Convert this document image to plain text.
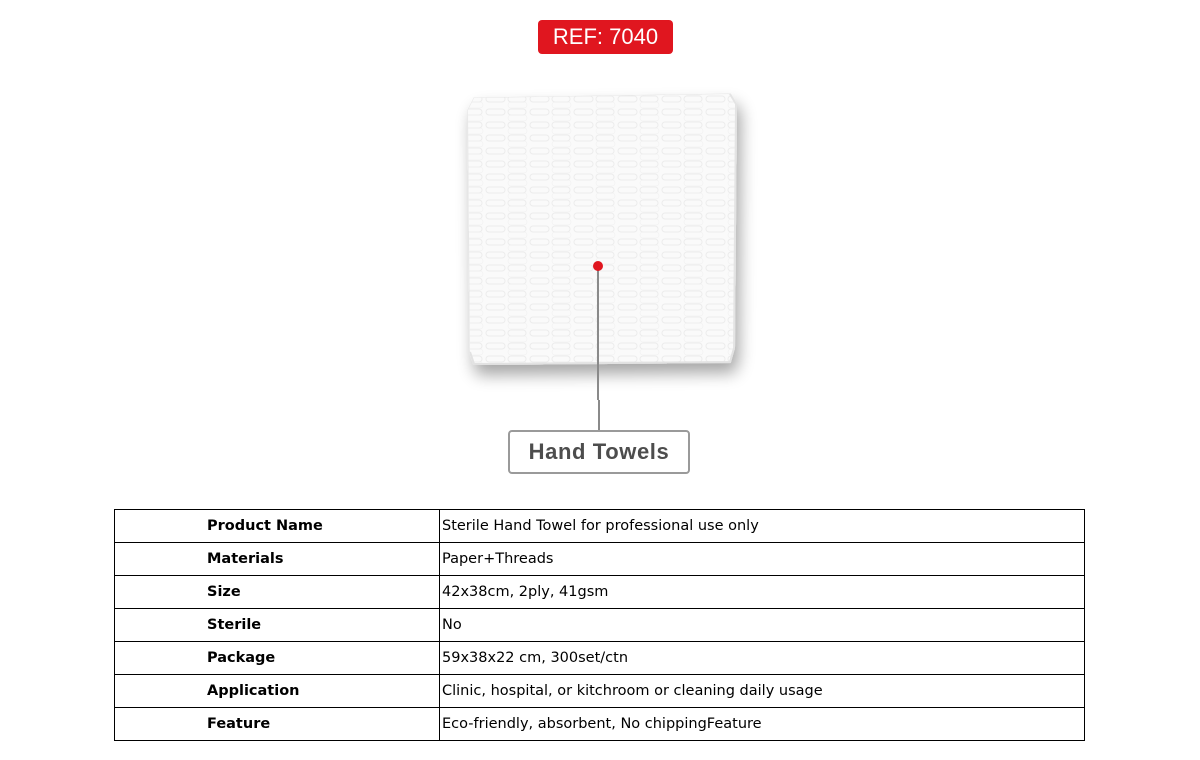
REF: 7040
Hand Towels
Product Name	Sterile Hand Towel for professional use only
Materials	Paper+Threads
Size	42x38cm, 2ply, 41gsm
Sterile	No
Package	59x38x22 cm, 300set/ctn
Application	Clinic, hospital, or kitchroom or cleaning daily usage
Feature	Eco-friendly, absorbent, No chippingFeature
